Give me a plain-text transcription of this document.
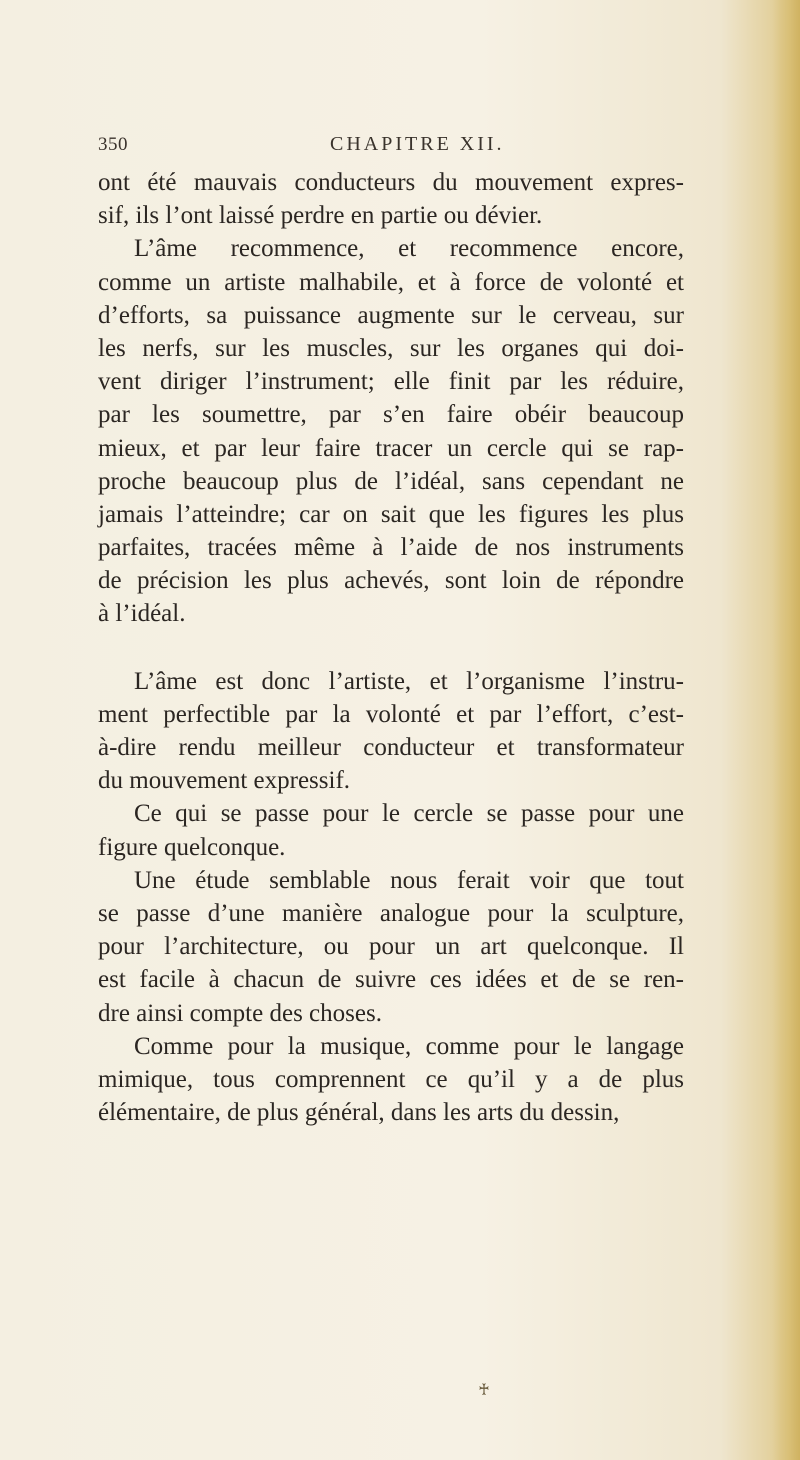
350	CHAPITRE XII.
ont été mauvais conducteurs du mouvement expres-
sif, ils l’ont laissé perdre en partie ou dévier.
L’âme recommence, et recommence encore,
comme un artiste malhabile, et à force de volonté et
d’efforts, sa puissance augmente sur le cerveau, sur
les nerfs, sur les muscles, sur les organes qui doi-
vent diriger l’instrument; elle finit par les réduire,
par les soumettre, par s’en faire obéir beaucoup
mieux, et par leur faire tracer un cercle qui se rap-
proche beaucoup plus de l’idéal, sans cependant ne
jamais l’atteindre; car on sait que les figures les plus
parfaites, tracées même à l’aide de nos instruments
de précision les plus achevés, sont loin de répondre
à l’idéal.
L’âme est donc l’artiste, et l’organisme l’instru-
ment perfectible par la volonté et par l’effort, c’est-
à-dire rendu meilleur conducteur et transformateur
du mouvement expressif.
Ce qui se passe pour le cercle se passe pour une
figure quelconque.
Une étude semblable nous ferait voir que tout
se passe d’une manière analogue pour la sculpture,
pour l’architecture, ou pour un art quelconque. Il
est facile à chacun de suivre ces idées et de se ren-
dre ainsi compte des choses.
Comme pour la musique, comme pour le langage
mimique, tous comprennent ce qu’il y a de plus
élémentaire, de plus général, dans les arts du dessin,
♰
